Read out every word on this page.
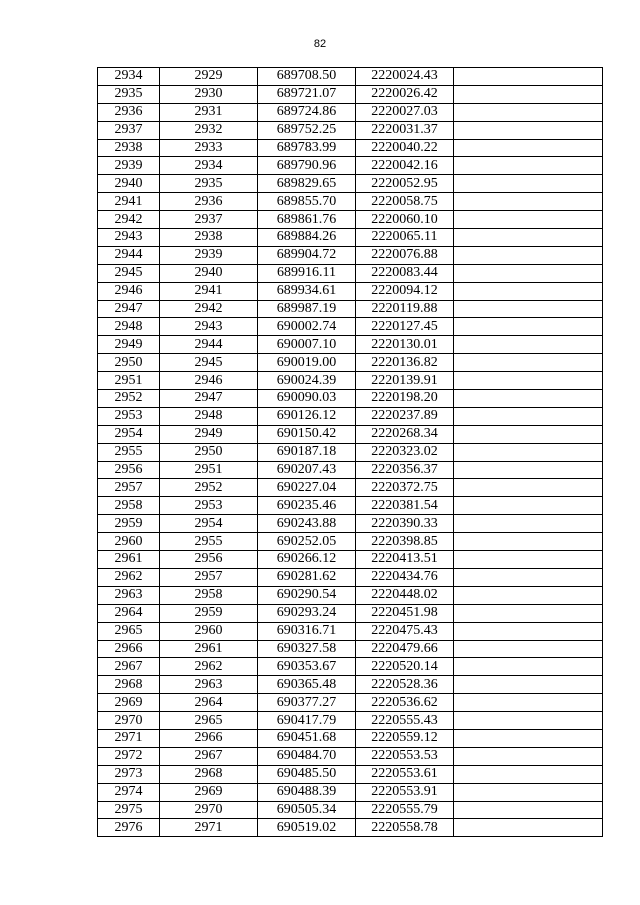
82
2934	2929	689708.50	2220024.43	
2935	2930	689721.07	2220026.42	
2936	2931	689724.86	2220027.03	
2937	2932	689752.25	2220031.37	
2938	2933	689783.99	2220040.22	
2939	2934	689790.96	2220042.16	
2940	2935	689829.65	2220052.95	
2941	2936	689855.70	2220058.75	
2942	2937	689861.76	2220060.10	
2943	2938	689884.26	2220065.11	
2944	2939	689904.72	2220076.88	
2945	2940	689916.11	2220083.44	
2946	2941	689934.61	2220094.12	
2947	2942	689987.19	2220119.88	
2948	2943	690002.74	2220127.45	
2949	2944	690007.10	2220130.01	
2950	2945	690019.00	2220136.82	
2951	2946	690024.39	2220139.91	
2952	2947	690090.03	2220198.20	
2953	2948	690126.12	2220237.89	
2954	2949	690150.42	2220268.34	
2955	2950	690187.18	2220323.02	
2956	2951	690207.43	2220356.37	
2957	2952	690227.04	2220372.75	
2958	2953	690235.46	2220381.54	
2959	2954	690243.88	2220390.33	
2960	2955	690252.05	2220398.85	
2961	2956	690266.12	2220413.51	
2962	2957	690281.62	2220434.76	
2963	2958	690290.54	2220448.02	
2964	2959	690293.24	2220451.98	
2965	2960	690316.71	2220475.43	
2966	2961	690327.58	2220479.66	
2967	2962	690353.67	2220520.14	
2968	2963	690365.48	2220528.36	
2969	2964	690377.27	2220536.62	
2970	2965	690417.79	2220555.43	
2971	2966	690451.68	2220559.12	
2972	2967	690484.70	2220553.53	
2973	2968	690485.50	2220553.61	
2974	2969	690488.39	2220553.91	
2975	2970	690505.34	2220555.79	
2976	2971	690519.02	2220558.78	
